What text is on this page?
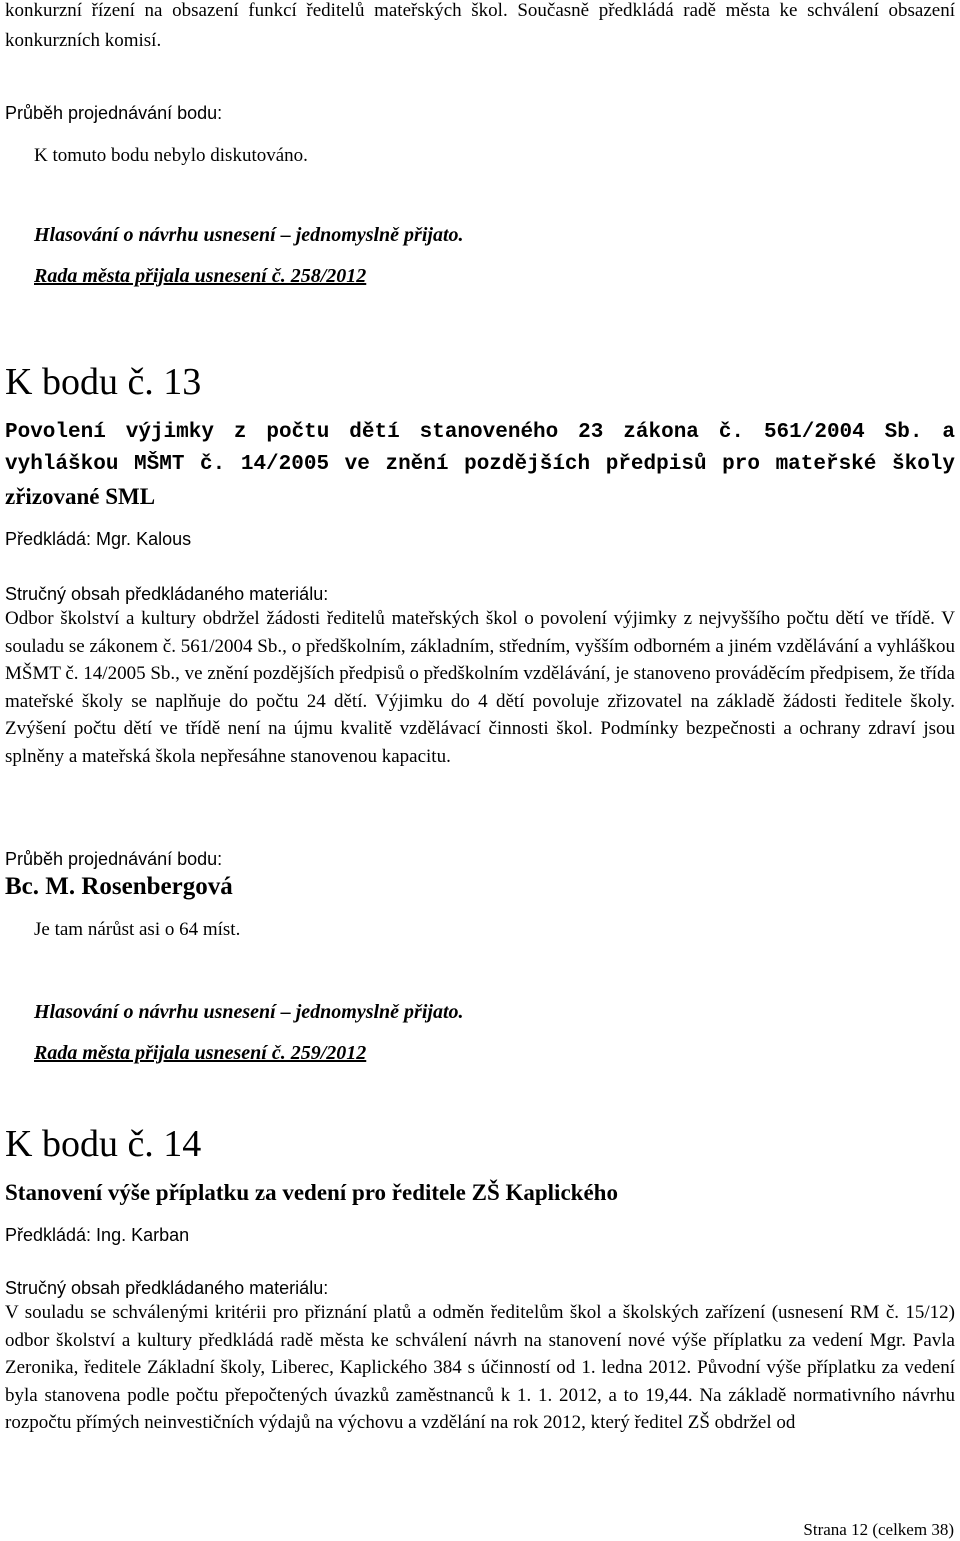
konkurzní řízení na obsazení funkcí ředitelů mateřských škol. Současně předkládá radě města ke schválení obsazení konkurzních komisí.

Průběh projednávání bodu:

K tomuto bodu nebylo diskutováno.

Hlasování o návrhu usnesení – jednomyslně přijato.

Rada města přijala usnesení č. 258/2012

K bodu č. 13

Povolení výjimky z počtu dětí stanoveného 23 zákona č. 561/2004 Sb. a

vyhláškou MŠMT č. 14/2005 ve znění pozdějších předpisů pro mateřské školy

zřizované SML

Předkládá: Mgr. Kalous

Stručný obsah předkládaného materiálu:

Odbor školství a kultury obdržel žádosti ředitelů mateřských škol o povolení výjimky z nejvyššího počtu dětí ve třídě. V souladu se zákonem č. 561/2004 Sb., o předškolním, základním, středním, vyšším odborném a jiném vzdělávání a vyhláškou MŠMT č. 14/2005 Sb., ve znění pozdějších předpisů o předškolním vzdělávání, je stanoveno prováděcím předpisem, že třída mateřské školy se naplňuje do počtu 24 dětí. Výjimku do 4 dětí povoluje zřizovatel na základě žádosti ředitele školy. Zvýšení počtu dětí ve třídě není na újmu kvalitě vzdělávací činnosti škol. Podmínky bezpečnosti a ochrany zdraví jsou splněny a mateřská škola nepřesáhne stanovenou kapacitu.

Průběh projednávání bodu:

Bc. M. Rosenbergová

Je tam nárůst asi o 64 míst.

Hlasování o návrhu usnesení – jednomyslně přijato.

Rada města přijala usnesení č. 259/2012

K bodu č. 14

Stanovení výše příplatku za vedení pro ředitele ZŠ Kaplického

Předkládá: Ing. Karban

Stručný obsah předkládaného materiálu:

V souladu se schválenými kritérii pro přiznání platů a odměn ředitelům škol a školských zařízení (usnesení RM č. 15/12) odbor školství a kultury předkládá radě města ke schválení návrh na stanovení nové výše příplatku za vedení Mgr. Pavla Zeronika, ředitele Základní školy, Liberec, Kaplického 384 s účinností od 1. ledna 2012. Původní výše příplatku za vedení byla stanovena podle počtu přepočtených úvazků zaměstnanců k 1. 1. 2012, a to 19,44. Na základě normativního návrhu rozpočtu přímých neinvestičních výdajů na výchovu a vzdělání na rok 2012, který ředitel ZŠ obdržel od

Strana 12 (celkem 38)
